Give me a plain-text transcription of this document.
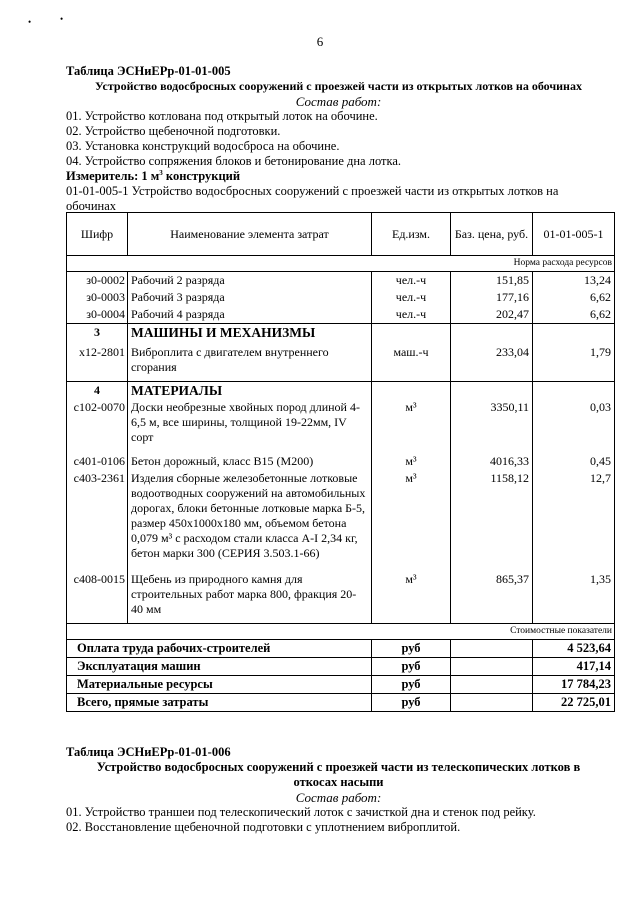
6
•	•
Таблица ЭСНиЕРр-01-01-005
Устройство водосбросных сооружений с проезжей части из открытых лотков на обочинах
Состав работ:
01. Устройство котлована под открытый лоток на обочине.
02. Устройство щебеночной подготовки.
03. Установка конструкций водосброса на обочине.
04. Устройство сопряжения блоков и бетонирование дна лотка.
Измеритель: 1 $м^3$ конструкций
01-01-005-1 Устройство водосбросных сооружений с проезжей части из открытых лотков на обочинах
Шифр	Наименование элемента затрат	Ед.изм.	Баз. цена, руб.	01-01-005-1
Норма расхода ресурсов				
з0-0002	Рабочий 2 разряда	чел.-ч	151,85	13,24
з0-0003	Рабочий 3 разряда	чел.-ч	177,16	6,62
з0-0004	Рабочий 4 разряда	чел.-ч	202,47	6,62
3	МАШИНЫ И МЕХАНИЗМЫ			
х12-2801	Виброплита с двигателем внутреннего сгорания	маш.-ч	233,04	1,79
4	МАТЕРИАЛЫ			
с102-0070	Доски необрезные хвойных пород длиной 4-6,5 м, все ширины, толщиной 19-22мм, IV сорт	м³	3350,11	0,03
с401-0106	Бетон дорожный, класс B15 (М200)	м³	4016,33	0,45
с403-2361	Изделия сборные железобетонные лотковые водоотводных сооружений на автомобильных дорогах, блоки бетонные лотковые марка Б-5, размер 450х1000х180 мм, объемом бетона 0,079 м³ с расходом стали класса А-I 2,34 кг, бетон марки 300 (СЕРИЯ 3.503.1-66)	м³	1158,12	12,7
с408-0015	Щебень из природного камня для строительных работ марка 800, фракция 20-40 мм	м³	865,37	1,35
Стоимостные показатели				
Оплата труда рабочих-строителей		руб		4 523,64
Эксплуатация машин		руб		417,14
Материальные ресурсы		руб		17 784,23
Всего, прямые затраты		руб		22 725,01
Таблица ЭСНиЕРр-01-01-006
Устройство водосбросных сооружений с проезжей части из телескопических лотков в откосах насыпи
Состав работ:
01. Устройство траншеи под телескопический лоток с зачисткой дна и стенок под рейку.
02. Восстановление щебеночной подготовки с уплотнением виброплитой.
